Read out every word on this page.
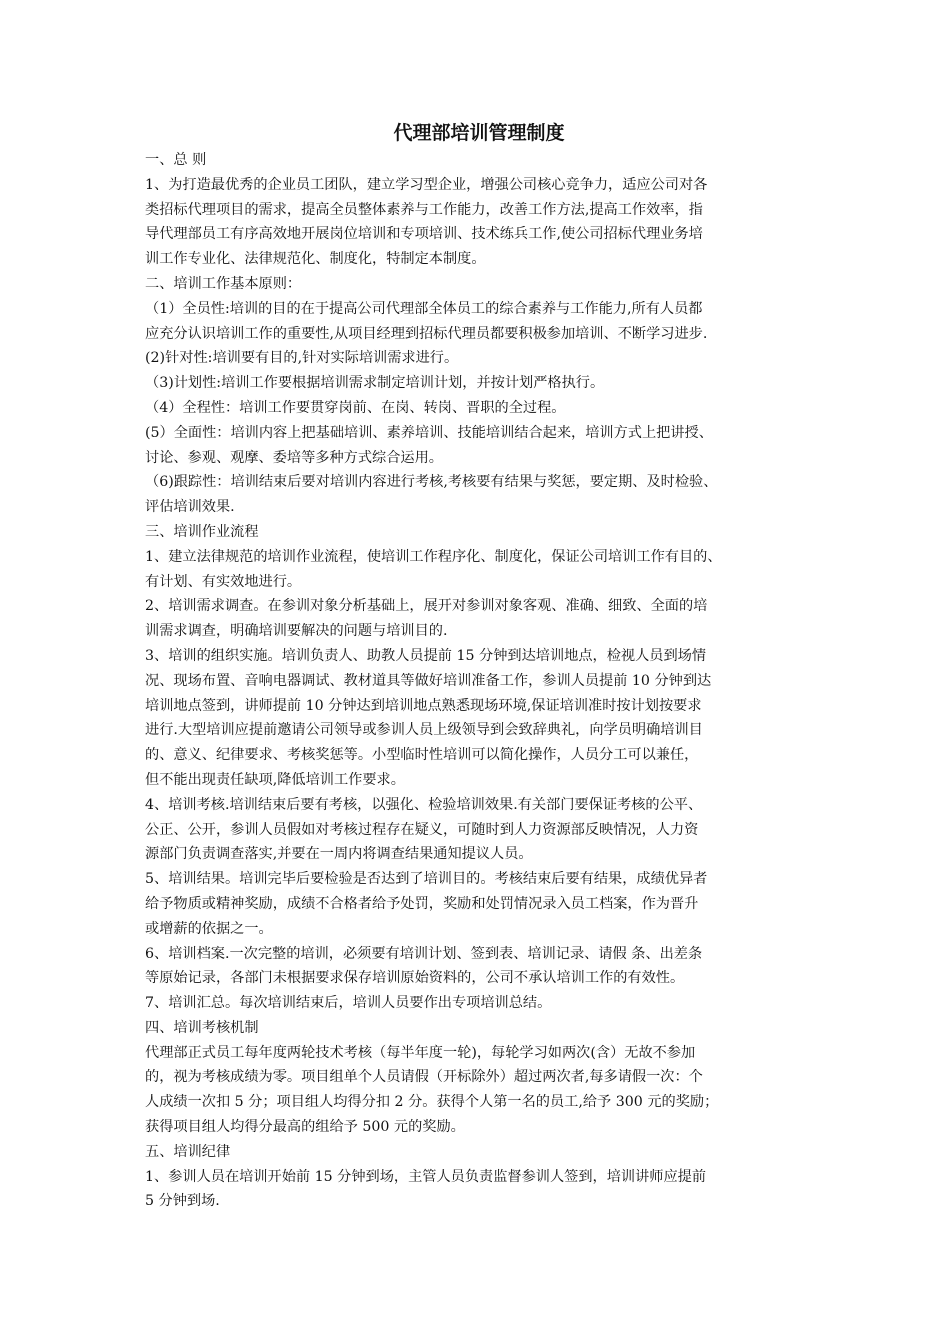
代理部培训管理制度
一、总 则
1、为打造最优秀的企业员工团队，建立学习型企业，增强公司核心竞争力，适应公司对各
类招标代理项目的需求，提高全员整体素养与工作能力，改善工作方法,提高工作效率，指
导代理部员工有序高效地开展岗位培训和专项培训、技术练兵工作,使公司招标代理业务培
训工作专业化、法律规范化、制度化，特制定本制度。
二、培训工作基本原则：
（1）全员性:培训的目的在于提高公司代理部全体员工的综合素养与工作能力,所有人员都
应充分认识培训工作的重要性,从项目经理到招标代理员都要积极参加培训、不断学习进步.
(2)针对性:培训要有目的,针对实际培训需求进行。
（3)计划性:培训工作要根据培训需求制定培训计划，并按计划严格执行。
（4）全程性：培训工作要贯穿岗前、在岗、转岗、晋职的全过程。
(5）全面性：培训内容上把基础培训、素养培训、技能培训结合起来，培训方式上把讲授、
讨论、参观、观摩、委培等多种方式综合运用。
（6)跟踪性：培训结束后要对培训内容进行考核,考核要有结果与奖惩，要定期、及时检验、
评估培训效果.
三、培训作业流程
1、建立法律规范的培训作业流程，使培训工作程序化、制度化，保证公司培训工作有目的、
有计划、有实效地进行。
2、培训需求调查。在参训对象分析基础上，展开对参训对象客观、准确、细致、全面的培
训需求调查，明确培训要解决的问题与培训目的.
3、培训的组织实施。培训负责人、助教人员提前 15 分钟到达培训地点，检视人员到场情
况、现场布置、音响电器调试、教材道具等做好培训准备工作，参训人员提前 10 分钟到达
培训地点签到，讲师提前 10 分钟达到培训地点熟悉现场环境,保证培训准时按计划按要求
进行.大型培训应提前邀请公司领导或参训人员上级领导到会致辞典礼，向学员明确培训目
的、意义、纪律要求、考核奖惩等。小型临时性培训可以简化操作，人员分工可以兼任，
但不能出现责任缺项,降低培训工作要求。
4、培训考核.培训结束后要有考核，以强化、检验培训效果.有关部门要保证考核的公平、
公正、公开，参训人员假如对考核过程存在疑义，可随时到人力资源部反映情况，人力资
源部门负责调查落实,并要在一周内将调查结果通知提议人员。
5、培训结果。培训完毕后要检验是否达到了培训目的。考核结束后要有结果，成绩优异者
给予物质或精神奖励，成绩不合格者给予处罚，奖励和处罚情况录入员工档案，作为晋升
或增薪的依据之一。
6、培训档案.一次完整的培训，必须要有培训计划、签到表、培训记录、请假 条、出差条
等原始记录，各部门未根据要求保存培训原始资料的，公司不承认培训工作的有效性。
7、培训汇总。每次培训结束后，培训人员要作出专项培训总结。
四、培训考核机制
代理部正式员工每年度两轮技术考核（每半年度一轮)，每轮学习如两次(含）无故不参加
的，视为考核成绩为零。项目组单个人员请假（开标除外）超过两次者,每多请假一次：个
人成绩一次扣 5 分；项目组人均得分扣 2 分。获得个人第一名的员工,给予 300 元的奖励；
获得项目组人均得分最高的组给予 500 元的奖励。
五、培训纪律
1、参训人员在培训开始前 15 分钟到场，主管人员负责监督参训人签到，培训讲师应提前
5 分钟到场.
